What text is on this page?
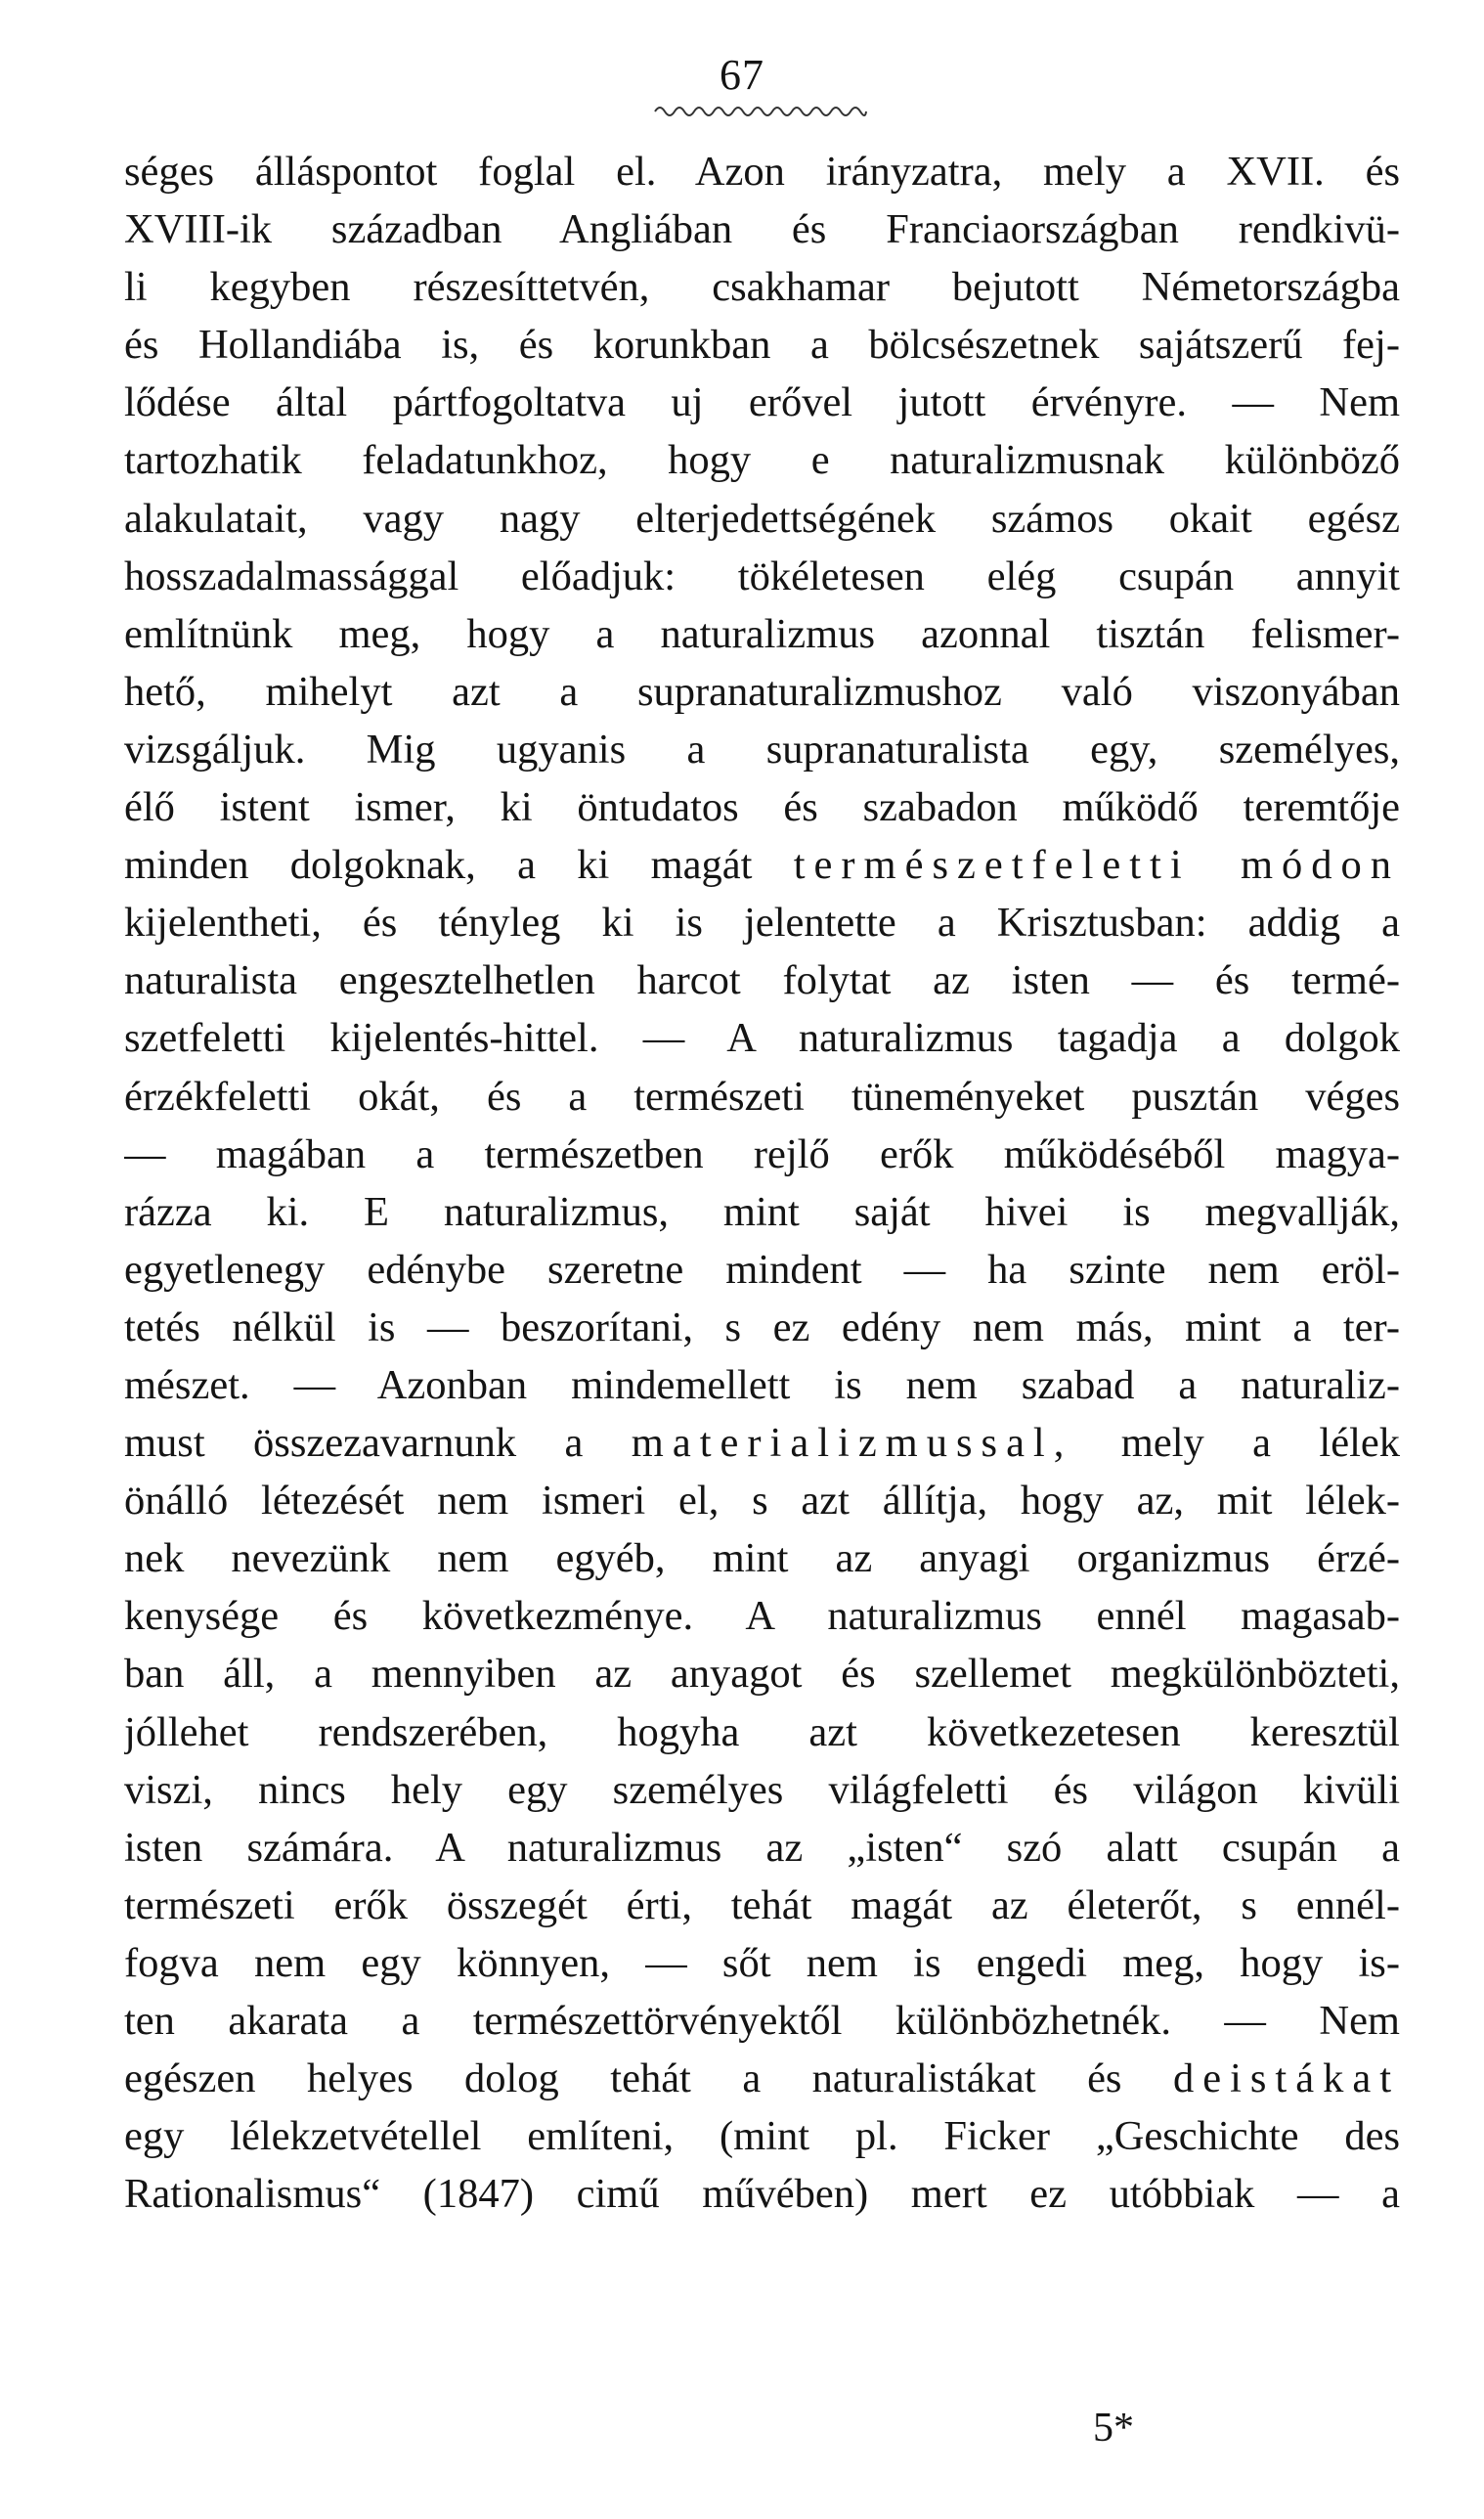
67
séges álláspontot foglal el. Azon irányzatra, mely a XVII. és
XVIII-ik században Angliában és Franciaországban rendkivü-
li kegyben részesíttetvén, csakhamar bejutott Németországba
és Hollandiába is, és korunkban a bölcsészetnek sajátszerű fej-
lődése által pártfogoltatva uj erővel jutott érvényre. — Nem
tartozhatik feladatunkhoz, hogy e naturalizmusnak különböző
alakulatait, vagy nagy elterjedettségének számos okait egész
hosszadalmassággal előadjuk: tökéletesen elég csupán annyit
említnünk meg, hogy a naturalizmus azonnal tisztán felismer-
hető, mihelyt azt a supranaturalizmushoz való viszonyában
vizsgáljuk. Mig ugyanis a supranaturalista egy, személyes,
élő istent ismer, ki öntudatos és szabadon működő teremtője
minden dolgoknak, a ki magát természetfeletti módon
kijelentheti, és tényleg ki is jelentette a Krisztusban: addig a
naturalista engesztelhetlen harcot folytat az isten — és termé-
szetfeletti kijelentés-hittel. — A naturalizmus tagadja a dolgok
érzékfeletti okát, és a természeti tüneményeket pusztán véges
— magában a természetben rejlő erők működéséből magya-
rázza ki. E naturalizmus, mint saját hivei is megvallják,
egyetlenegy edénybe szeretne mindent — ha szinte nem eröl-
tetés nélkül is — beszorítani, s ez edény nem más, mint a ter-
mészet. — Azonban mindemellett is nem szabad a naturaliz-
must összezavarnunk a materializmussal, mely a lélek
önálló létezését nem ismeri el, s azt állítja, hogy az, mit lélek-
nek nevezünk nem egyéb, mint az anyagi organizmus érzé-
kenysége és következménye. A naturalizmus ennél magasab-
ban áll, a mennyiben az anyagot és szellemet megkülönbözteti,
jóllehet rendszerében, hogyha azt következetesen keresztül
viszi, nincs hely egy személyes világfeletti és világon kivüli
isten számára. A naturalizmus az „isten“ szó alatt csupán a
természeti erők összegét érti, tehát magát az életerőt, s ennél-
fogva nem egy könnyen, — sőt nem is engedi meg, hogy is-
ten akarata a természettörvényektől különbözhetnék. — Nem
egészen helyes dolog tehát a naturalistákat és deistákat
egy lélekzetvétellel említeni, (mint pl. Ficker „Geschichte des
Rationalismus“ (1847) cimű művében) mert ez utóbbiak — a
5*
